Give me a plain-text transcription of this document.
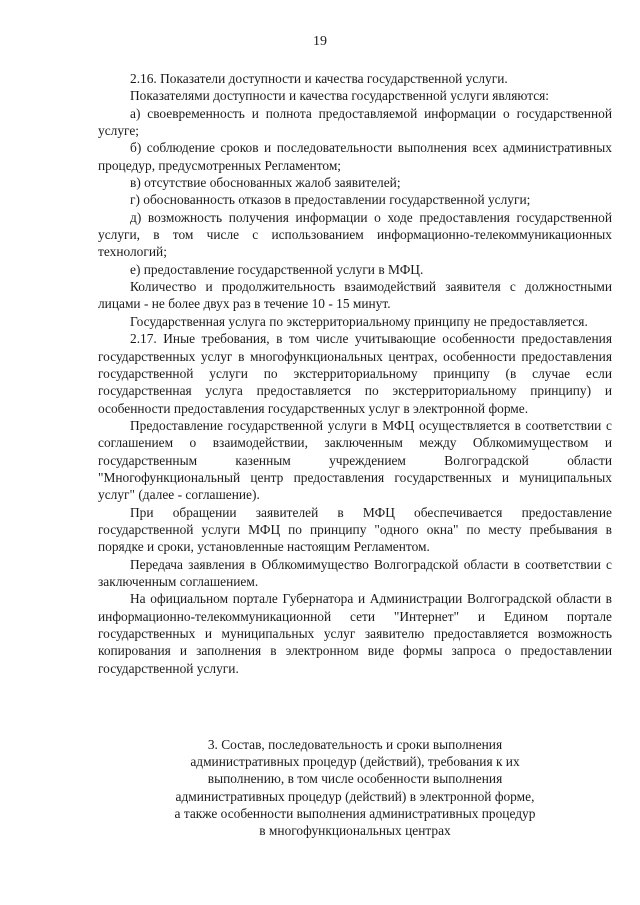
19

2.16. Показатели доступности и качества государственной услуги.

Показателями доступности и качества государственной услуги являются:

а) своевременность и полнота предоставляемой информации о государственной услуге;

б) соблюдение сроков и последовательности выполнения всех административных процедур, предусмотренных Регламентом;

в) отсутствие обоснованных жалоб заявителей;

г) обоснованность отказов в предоставлении государственной услуги;

д) возможность получения информации о ходе предоставления государственной услуги, в том числе с использованием информационно-телекоммуникационных технологий;

е) предоставление государственной услуги в МФЦ.

Количество и продолжительность взаимодействий заявителя с должностными лицами - не более двух раз в течение 10 - 15 минут.

Государственная услуга по экстерриториальному принципу не предоставляется.

2.17. Иные требования, в том числе учитывающие особенности предоставления государственных услуг в многофункциональных центрах, особенности предоставления государственной услуги по экстерриториальному принципу (в случае если государственная услуга предоставляется по экстерриториальному принципу) и особенности предоставления государственных услуг в электронной форме.

Предоставление государственной услуги в МФЦ осуществляется в соответствии с соглашением о взаимодействии, заключенным между Облкомимуществом и государственным казенным учреждением Волгоградской области "Многофункциональный центр предоставления государственных и муниципальных услуг" (далее - соглашение).

При обращении заявителей в МФЦ обеспечивается предоставление государственной услуги МФЦ по принципу "одного окна" по месту пребывания в порядке и сроки, установленные настоящим Регламентом.

Передача заявления в Облкомимущество Волгоградской области в соответствии с заключенным соглашением.

На официальном портале Губернатора и Администрации Волгоградской области в информационно-телекоммуникационной сети "Интернет" и Едином портале государственных и муниципальных услуг заявителю предоставляется возможность копирования и заполнения в электронном виде формы запроса о предоставлении государственной услуги.

3. Состав, последовательность и сроки выполнения
административных процедур (действий), требования к их
выполнению, в том числе особенности выполнения
административных процедур (действий) в электронной форме,
а также особенности выполнения административных процедур
в многофункциональных центрах
